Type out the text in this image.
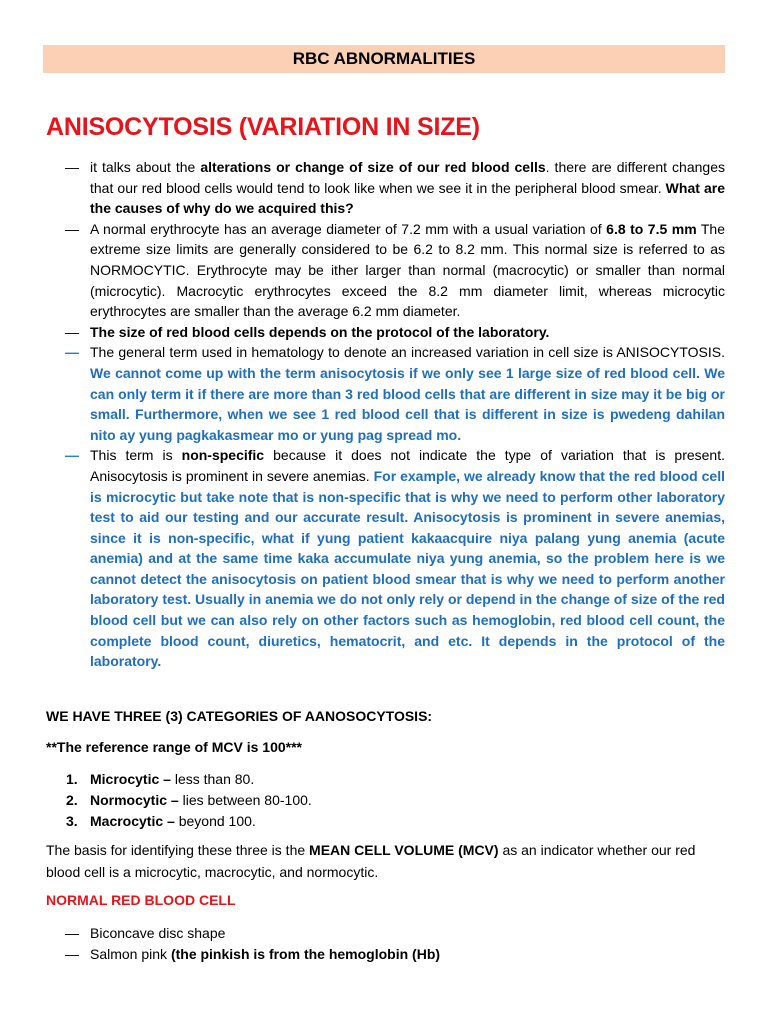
RBC ABNORMALITIES
ANISOCYTOSIS (VARIATION IN SIZE)
— it talks about the alterations or change of size of our red blood cells. there are different changes that our red blood cells would tend to look like when we see it in the peripheral blood smear. What are the causes of why do we acquired this?
— A normal erythrocyte has an average diameter of 7.2 mm with a usual variation of 6.8 to 7.5 mm The extreme size limits are generally considered to be 6.2 to 8.2 mm. This normal size is referred to as NORMOCYTIC. Erythrocyte may be ither larger than normal (macrocytic) or smaller than normal (microcytic). Macrocytic erythrocytes exceed the 8.2 mm diameter limit, whereas microcytic erythrocytes are smaller than the average 6.2 mm diameter.
— The size of red blood cells depends on the protocol of the laboratory.
— The general term used in hematology to denote an increased variation in cell size is ANISOCYTOSIS. We cannot come up with the term anisocytosis if we only see 1 large size of red blood cell. We can only term it if there are more than 3 red blood cells that are different in size may it be big or small. Furthermore, when we see 1 red blood cell that is different in size is pwedeng dahilan nito ay yung pagkakasmear mo or yung pag spread mo.
— This term is non-specific because it does not indicate the type of variation that is present. Anisocytosis is prominent in severe anemias. For example, we already know that the red blood cell is microcytic but take note that is non-specific that is why we need to perform other laboratory test to aid our testing and our accurate result. Anisocytosis is prominent in severe anemias, since it is non-specific, what if yung patient kakaacquire niya palang yung anemia (acute anemia) and at the same time kaka accumulate niya yung anemia, so the problem here is we cannot detect the anisocytosis on patient blood smear that is why we need to perform another laboratory test. Usually in anemia we do not only rely or depend in the change of size of the red blood cell but we can also rely on other factors such as hemoglobin, red blood cell count, the complete blood count, diuretics, hematocrit, and etc. It depends in the protocol of the laboratory.
WE HAVE THREE (3) CATEGORIES OF AANOSOCYTOSIS:
**The reference range of MCV is 100***
1. Microcytic – less than 80.
2. Normocytic – lies between 80-100.
3. Macrocytic – beyond 100.
The basis for identifying these three is the MEAN CELL VOLUME (MCV) as an indicator whether our red blood cell is a microcytic, macrocytic, and normocytic.
NORMAL RED BLOOD CELL
— Biconcave disc shape
— Salmon pink (the pinkish is from the hemoglobin (Hb)
